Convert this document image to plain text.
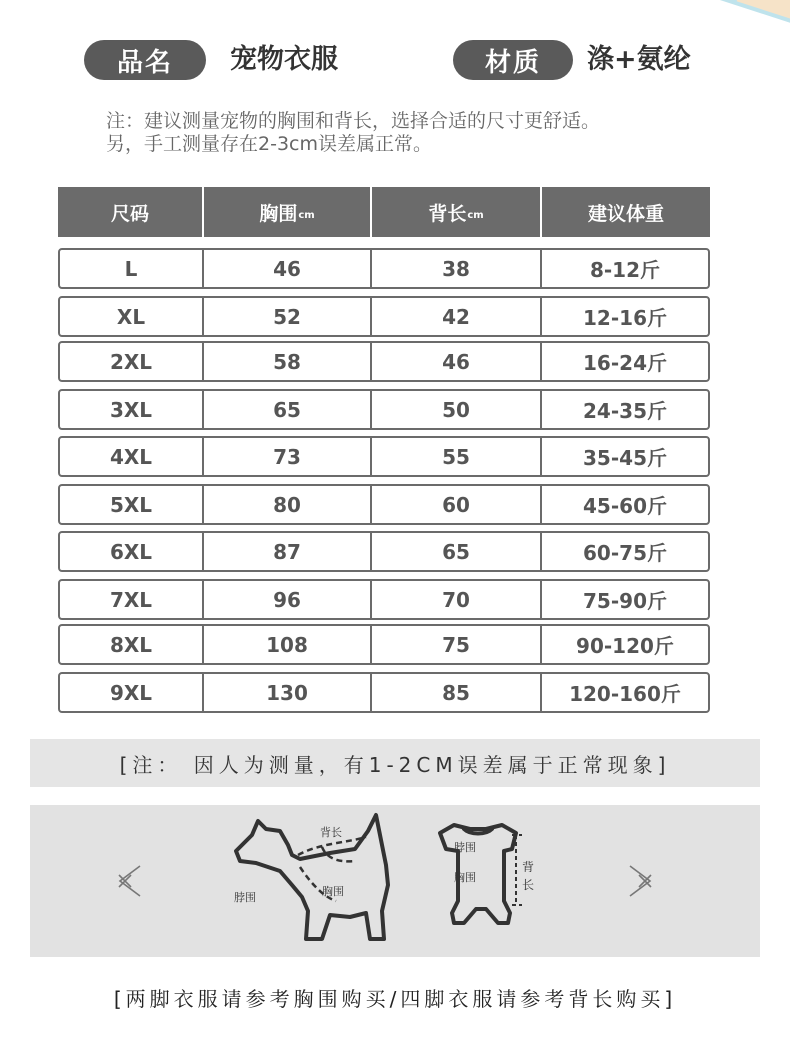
品名	宠物衣服	材质	涤+氨纶
注：建议测量宠物的胸围和背长，选择合适的尺寸更舒适。
另，手工测量存在2-3cm误差属正常。
尺码	胸围 cm	背长 cm	建议体重
L	46	38	8-12斤
XL	52	42	12-16斤
2XL	58	46	16-24斤
3XL	65	50	24-35斤
4XL	73	55	35-45斤
5XL	80	60	45-60斤
6XL	87	65	60-75斤
7XL	96	70	75-90斤
8XL	108	75	90-120斤
9XL	130	85	120-160斤
[注： 因人为测量，有1-2CM误差属于正常现象]
背长
脖围	胸围
脖围
胸围
背
长
[两脚衣服请参考胸围购买/四脚衣服请参考背长购买]
